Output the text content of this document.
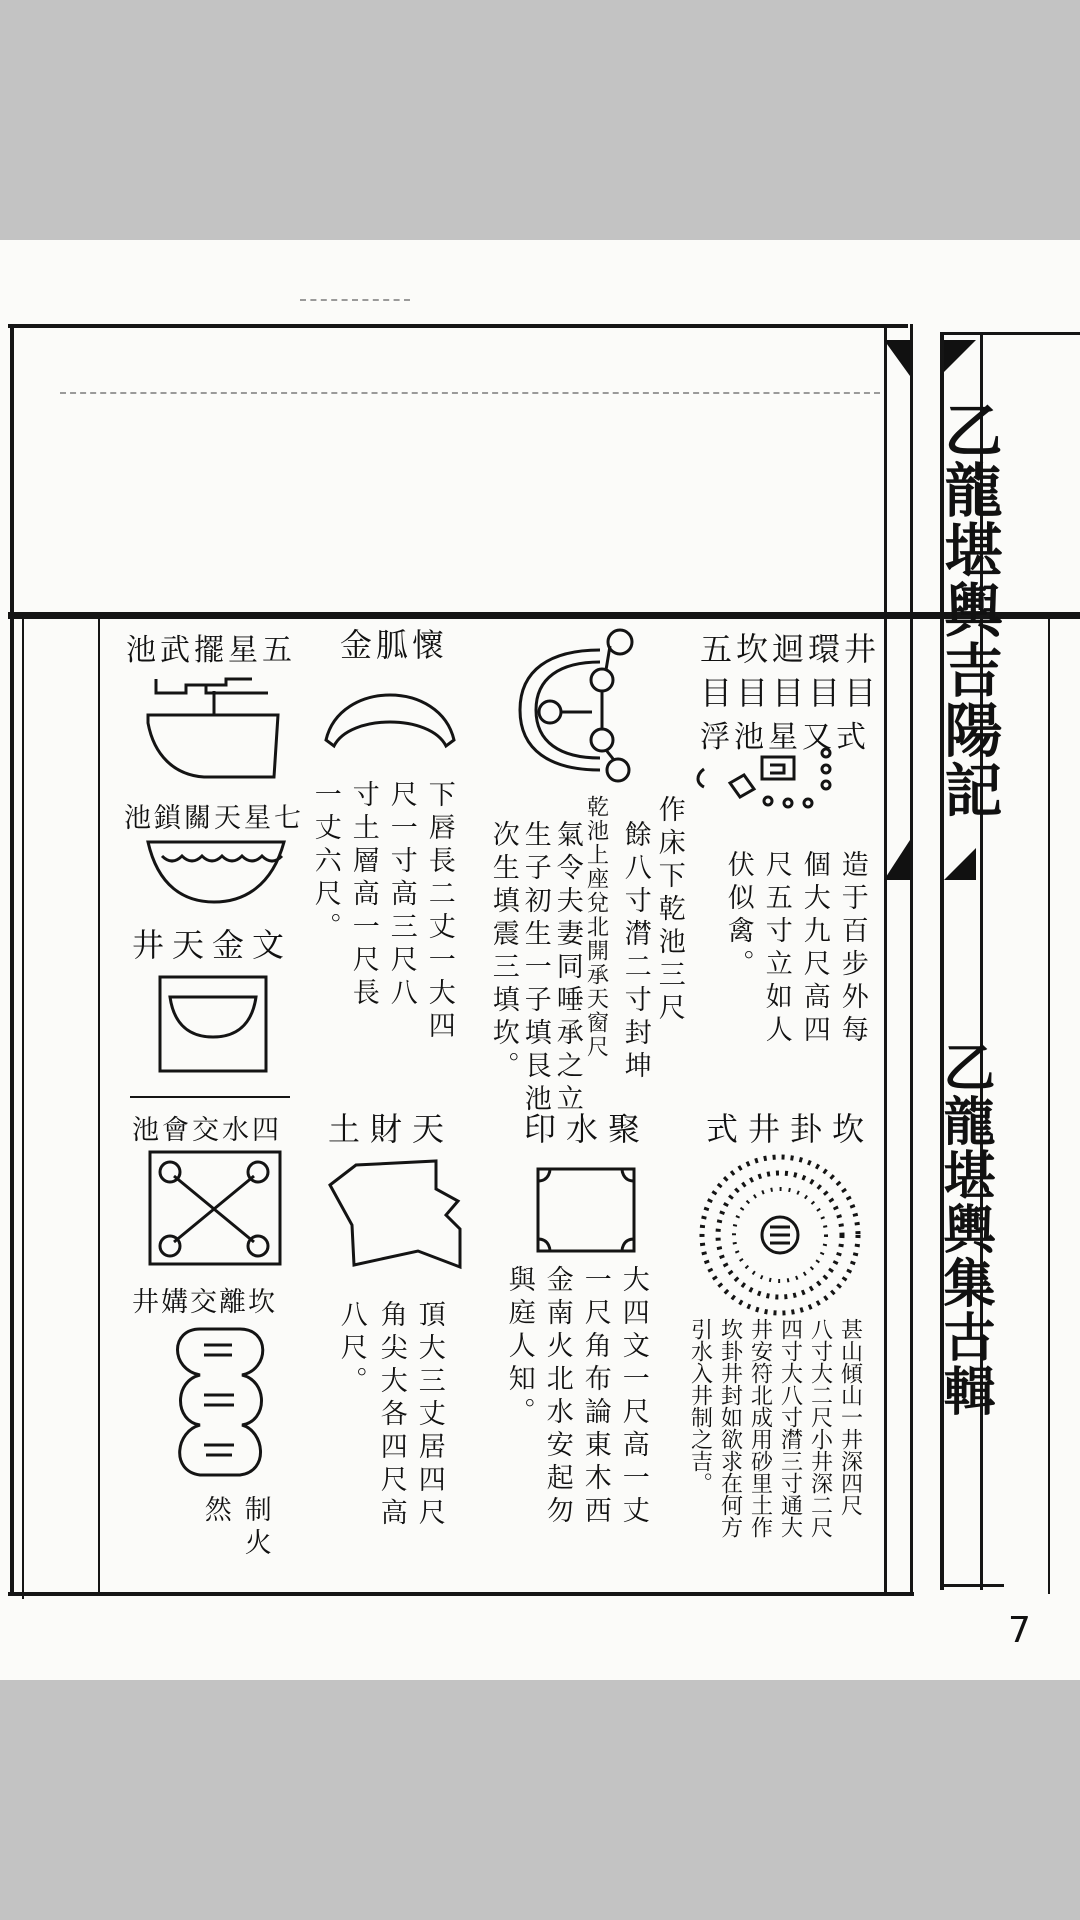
乙龍堪輿吉陽記
乙龍堪輿集古輯
7
五坎迴環井
目目目目目
浮池星又式
造于百步外每
個大九尺高四
尺五寸立如人
伏似禽。
作床下乾池三尺
餘八寸潸二寸封坤
乾池上座兌北開承天窗尺
氣令夫妻同唾承之立
生子初生一子填艮池
次生填震三填坎。
懷胍金
下唇長二丈一大四
尺一寸高三尺八
寸土層高一尺長
一丈六尺。
五星擺武池
七星天關鎖池
文金天井
四水交會池
坎離交媾井
制火
然
天財土
頂大三丈居四尺
角尖大各四尺高
八尺。
聚水印
大四文一尺高一丈
一尺角布論東木西
金南火北水安起勿
與庭人知。
坎卦井式
甚山傾山一井深四尺
八寸大二尺小井深二尺
四寸大八寸潸三寸通大
井安符北成用砂里土作
坎卦井封如欲求在何方
引水入井制之吉。
